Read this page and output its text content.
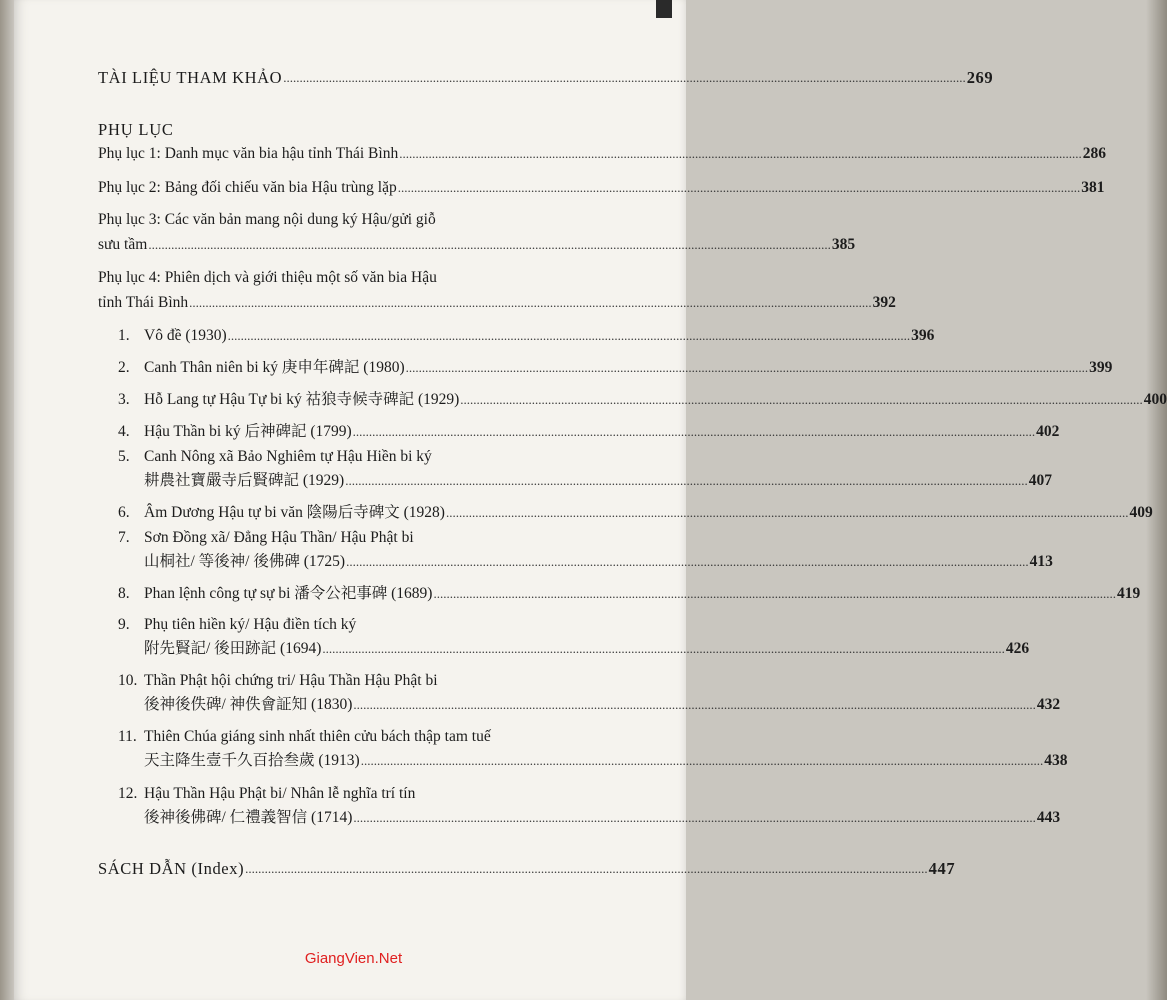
TÀI LIỆU THAM KHẢO .................................................................................................................................................................................................................. 269
PHỤ LỤC
Phụ lục 1: Danh mục văn bia hậu tỉnh Thái Bình .................................................................................................................................................................................................................. 286
Phụ lục 2: Bảng đối chiếu văn bia Hậu trùng lặp .................................................................................................................................................................................................................. 381
Phụ lục 3: Các văn bản mang nội dung ký Hậu/gửi giỗ
sưu tầm .................................................................................................................................................................................................................. 385
Phụ lục 4: Phiên dịch và giới thiệu một số văn bia Hậu
tỉnh Thái Bình .................................................................................................................................................................................................................. 392
1. Vô đề (1930) .................................................................................................................................................................................................................. 396
2. Canh Thân niên bi ký 庚申年碑記 (1980) .................................................................................................................................................................................................................. 399
3. Hỗ Lang tự Hậu Tự bi ký 祜狼寺候寺碑記 (1929) .................................................................................................................................................................................................................. 400
4. Hậu Thần bi ký 后神碑記 (1799) .................................................................................................................................................................................................................. 402
5. Canh Nông xã Bảo Nghiêm tự Hậu Hiền bi ký
耕農社寶嚴寺后賢碑記 (1929) .................................................................................................................................................................................................................. 407
6. Âm Dương Hậu tự bi văn 陰陽后寺碑文 (1928) .................................................................................................................................................................................................................. 409
7. Sơn Đồng xã/ Đẳng Hậu Thần/ Hậu Phật bi
山桐社/ 等後神/ 後佛碑 (1725) .................................................................................................................................................................................................................. 413
8. Phan lệnh công tự sự bi 潘令公祀事碑 (1689) .................................................................................................................................................................................................................. 419
9. Phụ tiên hiền ký/ Hậu điền tích ký
附先賢記/ 後田跡記 (1694) .................................................................................................................................................................................................................. 426
10. Thần Phật hội chứng tri/ Hậu Thần Hậu Phật bi
後神後佚碑/ 神佚會証知 (1830) .................................................................................................................................................................................................................. 432
11. Thiên Chúa giáng sinh nhất thiên cửu bách thập tam tuế
天主降生壹千久百拾叁歲 (1913) .................................................................................................................................................................................................................. 438
12. Hậu Thần Hậu Phật bi/ Nhân lễ nghĩa trí tín
後神後佛碑/ 仁禮義智信 (1714) .................................................................................................................................................................................................................. 443
SÁCH DẪN (Index) .................................................................................................................................................................................................................. 447
GiangVien.Net
